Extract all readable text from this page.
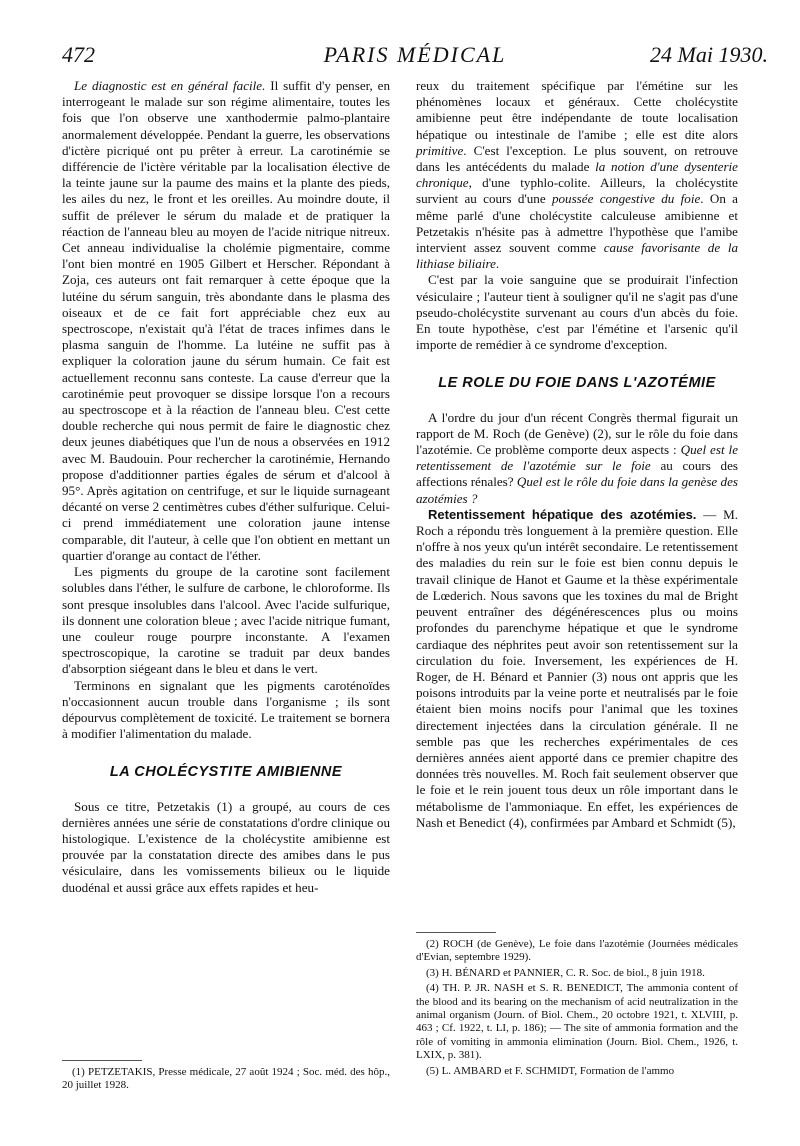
472	PARIS MÉDICAL	24 Mai 1930.

Le diagnostic est en général facile. Il suffit d'y penser, en interrogeant le malade sur son régime alimentaire, toutes les fois que l'on observe une xanthodermie palmo-plantaire anormalement développée. Pendant la guerre, les observations d'ictère picriqué ont pu prêter à erreur. La carotinémie se différencie de l'ictère véritable par la localisation élective de la teinte jaune sur la paume des mains et la plante des pieds, les ailes du nez, le front et les oreilles. Au moindre doute, il suffit de prélever le sérum du malade et de pratiquer la réaction de l'anneau bleu au moyen de l'acide nitrique nitreux. Cet anneau individualise la cholémie pigmentaire, comme l'ont bien montré en 1905 Gilbert et Herscher. Répondant à Zoja, ces auteurs ont fait remarquer à cette époque que la lutéine du sérum sanguin, très abondante dans le plasma des oiseaux et de ce fait fort appréciable chez eux au spectroscope, n'existait qu'à l'état de traces infimes dans le plasma sanguin de l'homme. La lutéine ne suffit pas à expliquer la coloration jaune du sérum humain. Ce fait est actuellement reconnu sans conteste. La cause d'erreur que la carotinémie peut provoquer se dissipe lorsque l'on a recours au spectroscope et à la réaction de l'anneau bleu. C'est cette double recherche qui nous permit de faire le diagnostic chez deux jeunes diabétiques que l'un de nous a observées en 1912 avec M. Baudouin. Pour rechercher la carotinémie, Hernando propose d'additionner parties égales de sérum et d'alcool à 95°. Après agitation on centrifuge, et sur le liquide surnageant décanté on verse 2 centimètres cubes d'éther sulfurique. Celui-ci prend immédiatement une coloration jaune intense comparable, dit l'auteur, à celle que l'on obtient en mettant un quartier d'orange au contact de l'éther.

Les pigments du groupe de la carotine sont facilement solubles dans l'éther, le sulfure de carbone, le chloroforme. Ils sont presque insolubles dans l'alcool. Avec l'acide sulfurique, ils donnent une coloration bleue ; avec l'acide nitrique fumant, une couleur rouge pourpre inconstante. A l'examen spectroscopique, la carotine se traduit par deux bandes d'absorption siégeant dans le bleu et dans le vert.

Terminons en signalant que les pigments caroténoïdes n'occasionnent aucun trouble dans l'organisme ; ils sont dépourvus complètement de toxicité. Le traitement se bornera à modifier l'alimentation du malade.

LA CHOLÉCYSTITE AMIBIENNE

Sous ce titre, Petzetakis (1) a groupé, au cours de ces dernières années une série de constatations d'ordre clinique ou histologique. L'existence de la cholécystite amibienne est prouvée par la constatation directe des amibes dans le pus vésiculaire, dans les vomissements bilieux ou le liquide duodénal et aussi grâce aux effets rapides et heu-

reux du traitement spécifique par l'émétine sur les phénomènes locaux et généraux. Cette cholécystite amibienne peut être indépendante de toute localisation hépatique ou intestinale de l'amibe ; elle est dite alors primitive. C'est l'exception. Le plus souvent, on retrouve dans les antécédents du malade la notion d'une dysenterie chronique, d'une typhlo-colite. Ailleurs, la cholécystite survient au cours d'une poussée congestive du foie. On a même parlé d'une cholécystite calculeuse amibienne et Petzetakis n'hésite pas à admettre l'hypothèse que l'amibe intervient assez souvent comme cause favorisante de la lithiase biliaire.

C'est par la voie sanguine que se produirait l'infection vésiculaire ; l'auteur tient à souligner qu'il ne s'agit pas d'une pseudo-cholécystite survenant au cours d'un abcès du foie. En toute hypothèse, c'est par l'émétine et l'arsenic qu'il importe de remédier à ce syndrome d'exception.

LE ROLE DU FOIE DANS L'AZOTÉMIE

A l'ordre du jour d'un récent Congrès thermal figurait un rapport de M. Roch (de Genève) (2), sur le rôle du foie dans l'azotémie. Ce problème comporte deux aspects : Quel est le retentissement de l'azotémie sur le foie au cours des affections rénales? Quel est le rôle du foie dans la genèse des azotémies ?

Retentissement hépatique des azotémies. — M. Roch a répondu très longuement à la première question. Elle n'offre à nos yeux qu'un intérêt secondaire. Le retentissement des maladies du rein sur le foie est bien connu depuis le travail clinique de Hanot et Gaume et la thèse expérimentale de Lœderich. Nous savons que les toxines du mal de Bright peuvent entraîner des dégénérescences plus ou moins profondes du parenchyme hépatique et que le syndrome cardiaque des néphrites peut avoir son retentissement sur la circulation du foie. Inversement, les expériences de H. Roger, de H. Bénard et Pannier (3) nous ont appris que les poisons introduits par la veine porte et neutralisés par le foie étaient bien moins nocifs pour l'animal que les toxines directement injectées dans la circulation générale. Il ne semble pas que les recherches expérimentales de ces dernières années aient apporté dans ce premier chapitre des données très nouvelles. M. Roch fait seulement observer que le foie et le rein jouent tous deux un rôle important dans le métabolisme de l'ammoniaque. En effet, les expériences de Nash et Benedict (4), confirmées par Ambard et Schmidt (5),

(1) PETZETAKIS, Presse médicale, 27 août 1924 ; Soc. méd. des hôp., 20 juillet 1928.

(2) ROCH (de Genève), Le foie dans l'azotémie (Journées médicales d'Evian, septembre 1929).

(3) H. BÉNARD et PANNIER, C. R. Soc. de biol., 8 juin 1918.

(4) TH. P. JR. NASH et S. R. BENEDICT, The ammonia content of the blood and its bearing on the mechanism of acid neutralization in the animal organism (Journ. of Biol. Chem., 20 octobre 1921, t. XLVIII, p. 463 ; Cf. 1922, t. LI, p. 186); — The site of ammonia formation and the rôle of vomiting in ammonia elimination (Journ. Biol. Chem., 1926, t. LXIX, p. 381).

(5) L. AMBARD et F. SCHMIDT, Formation de l'ammo
